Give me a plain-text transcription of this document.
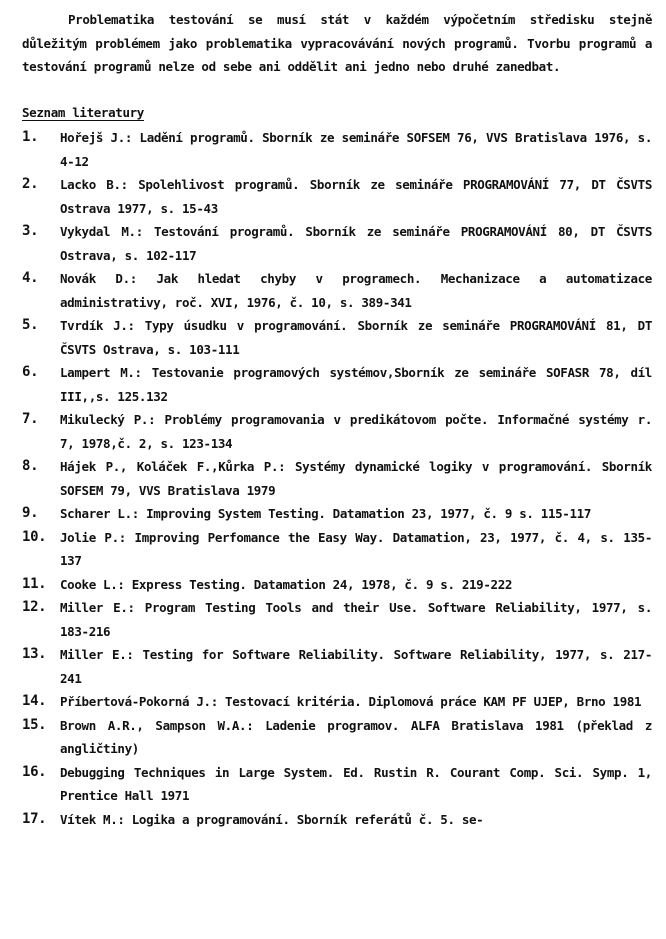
Problematika testování se musí stát v každém výpočetním středisku stejně důležitým problémem jako problematika vypracovávání nových programů. Tvorbu programů a testování programů nelze od sebe ani oddělit ani jedno nebo druhé zanedbat.

Seznam literatury
1.	Hořejš J.: Ladění programů. Sborník ze semináře SOFSEM 76, VVS Bratislava 1976, s. 4-12
2.	Lacko B.: Spolehlivost programů. Sborník ze semináře PROGRAMOVÁNÍ 77, DT ČSVTS Ostrava 1977, s. 15-43
3.	Vykydal M.: Testování programů. Sborník ze semináře PROGRAMOVÁNÍ 80, DT ČSVTS Ostrava, s. 102-117
4.	Novák D.: Jak hledat chyby v programech. Mechanizace a automatizace administrativy, roč. XVI, 1976, č. 10, s. 389-341
5.	Tvrdík J.: Typy úsudku v programování. Sborník ze semináře PROGRAMOVÁNÍ 81, DT ČSVTS Ostrava, s. 103-111
6.	Lampert M.: Testovanie programových systémov,Sborník ze semináře SOFASR 78, díl III,,s. 125.132
7.	Mikulecký P.: Problémy programovania v predikátovom počte. Informačné systémy r. 7, 1978,č. 2, s. 123-134
8.	Hájek P., Koláček F.,Kůrka P.: Systémy dynamické logiky v programování. Sborník SOFSEM 79, VVS Bratislava 1979
9.	Scharer L.: Improving System Testing. Datamation 23, 1977, č. 9 s. 115-117
10.	Jolie P.: Improving Perfomance the Easy Way. Datamation, 23, 1977, č. 4, s. 135-137
11.	Cooke L.: Express Testing. Datamation 24, 1978, č. 9 s. 219-222
12.	Miller E.: Program Testing Tools and their Use. Software Reliability, 1977, s. 183-216
13.	Miller E.: Testing for Software Reliability. Software Reliability, 1977, s. 217-241
14.	Příbertová-Pokorná J.: Testovací kritéria. Diplomová práce KAM PF UJEP, Brno 1981
15.	Brown A.R., Sampson W.A.: Ladenie programov. ALFA Bratislava 1981 (překlad z angličtiny)
16.	Debugging Techniques in Large System. Ed. Rustin R. Courant Comp. Sci. Symp. 1, Prentice Hall 1971
17.	Vítek M.: Logika a programování. Sborník referátů č. 5. se-
